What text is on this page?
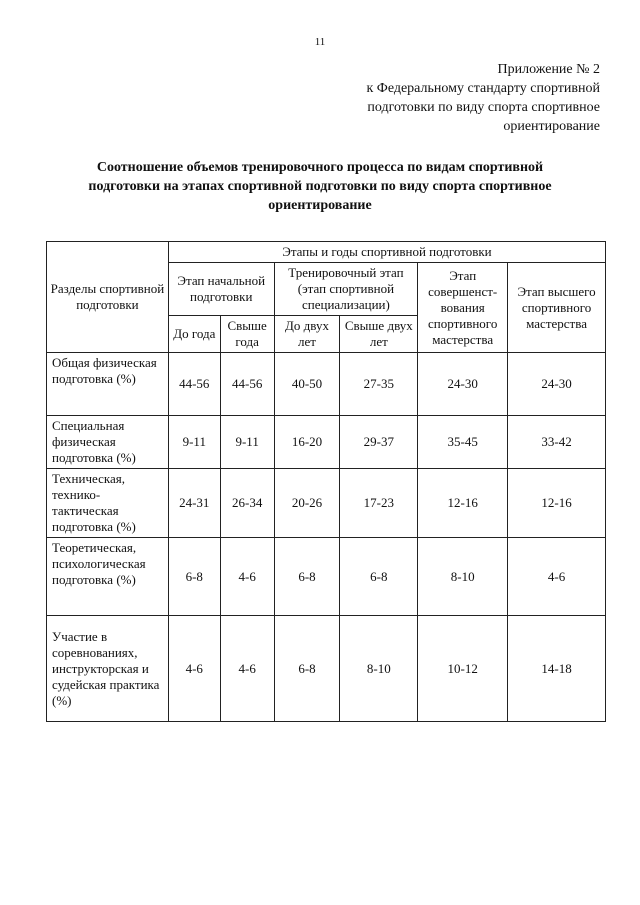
11
Приложение № 2
к Федеральному стандарту спортивной
подготовки по виду спорта спортивное
ориентирование
Соотношение объемов тренировочного процесса по видам спортивной
подготовки на этапах спортивной подготовки по виду спорта спортивное
ориентирование
Разделы спортивной подготовки	Этапы и годы спортивной подготовки					
	Этап начальной подготовки		Тренировочный этап (этап спортивной специализации)		Этап совершенст-вования спортивного мастерства	Этап высшего спортивного мастерства
	До года	Свыше года	До двух лет	Свыше двух лет		
Общая физическая подготовка (%)	44-56	44-56	40-50	27-35	24-30	24-30
Специальная физическая подготовка (%)	9-11	9-11	16-20	29-37	35-45	33-42
Техническая, технико-тактическая подготовка (%)	24-31	26-34	20-26	17-23	12-16	12-16
Теоретическая, психологическая подготовка (%)	6-8	4-6	6-8	6-8	8-10	4-6
Участие в соревнованиях, инструкторская и судейская практика (%)	4-6	4-6	6-8	8-10	10-12	14-18
